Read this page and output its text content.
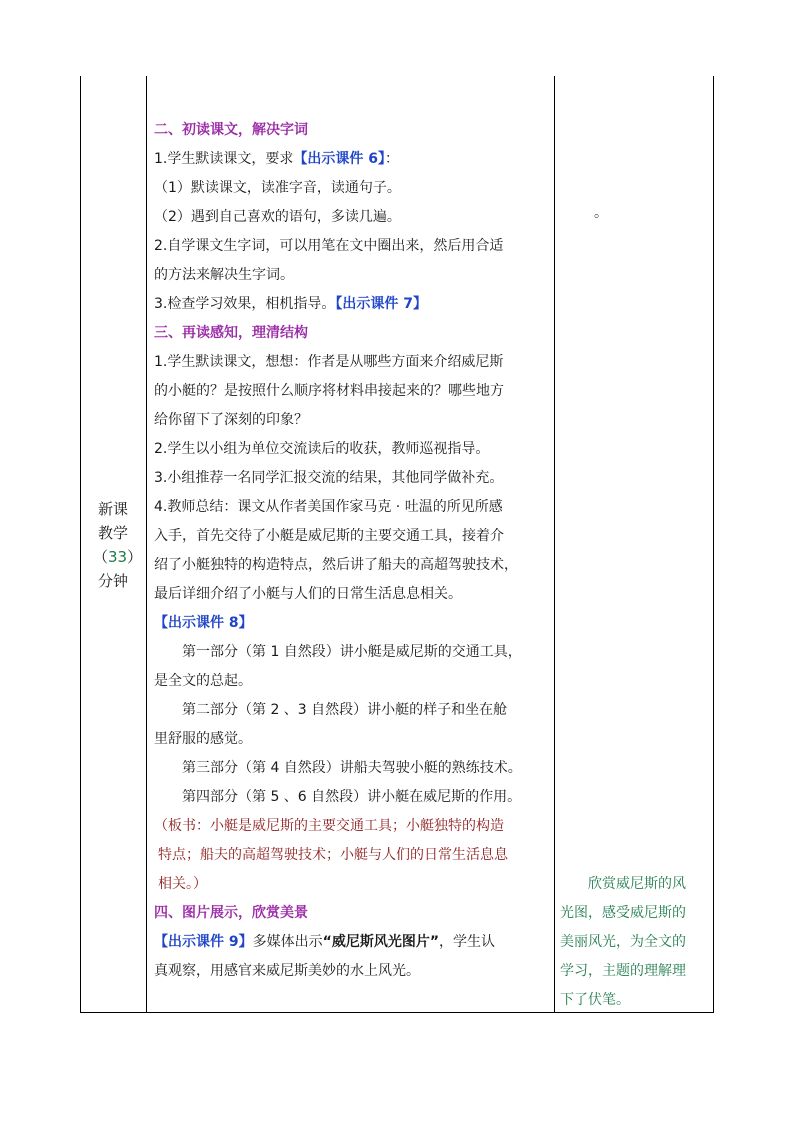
新课
教学
（33）
分钟
二、初读课文，解决字词
1.学生默读课文，要求【出示课件 6】：
（1）默读课文，读准字音，读通句子。
（2）遇到自己喜欢的语句，多读几遍。
2.自学课文生字词，可以用笔在文中圈出来，然后用合适
的方法来解决生字词。
3.检查学习效果，相机指导。【出示课件 7】
三、再读感知，理清结构
1.学生默读课文，想想：作者是从哪些方面来介绍威尼斯
的小艇的？是按照什么顺序将材料串接起来的？哪些地方
给你留下了深刻的印象？
2.学生以小组为单位交流读后的收获，教师巡视指导。
3.小组推荐一名同学汇报交流的结果，其他同学做补充。
4.教师总结：课文从作者美国作家马克 · 吐温的所见所感
入手，首先交待了小艇是威尼斯的主要交通工具，接着介
绍了小艇独特的构造特点，然后讲了船夫的高超驾驶技术，
最后详细介绍了小艇与人们的日常生活息息相关。
【出示课件 8】
第一部分（第 1 自然段）讲小艇是威尼斯的交通工具，
是全文的总起。
第二部分（第 2 、3 自然段）讲小艇的样子和坐在舱
里舒服的感觉。
第三部分（第 4 自然段）讲船夫驾驶小艇的熟练技术。
第四部分（第 5 、6 自然段）讲小艇在威尼斯的作用。
（板书：小艇是威尼斯的主要交通工具；小艇独特的构造
特点；船夫的高超驾驶技术；小艇与人们的日常生活息息
相关。）
四、图片展示，欣赏美景
【出示课件 9】多媒体出示“威尼斯风光图片”，学生认
真观察，用感官来威尼斯美妙的水上风光。
。
欣赏威尼斯的风
光图，感受威尼斯的
美丽风光，为全文的
学习，主题的理解理
下了伏笔。
